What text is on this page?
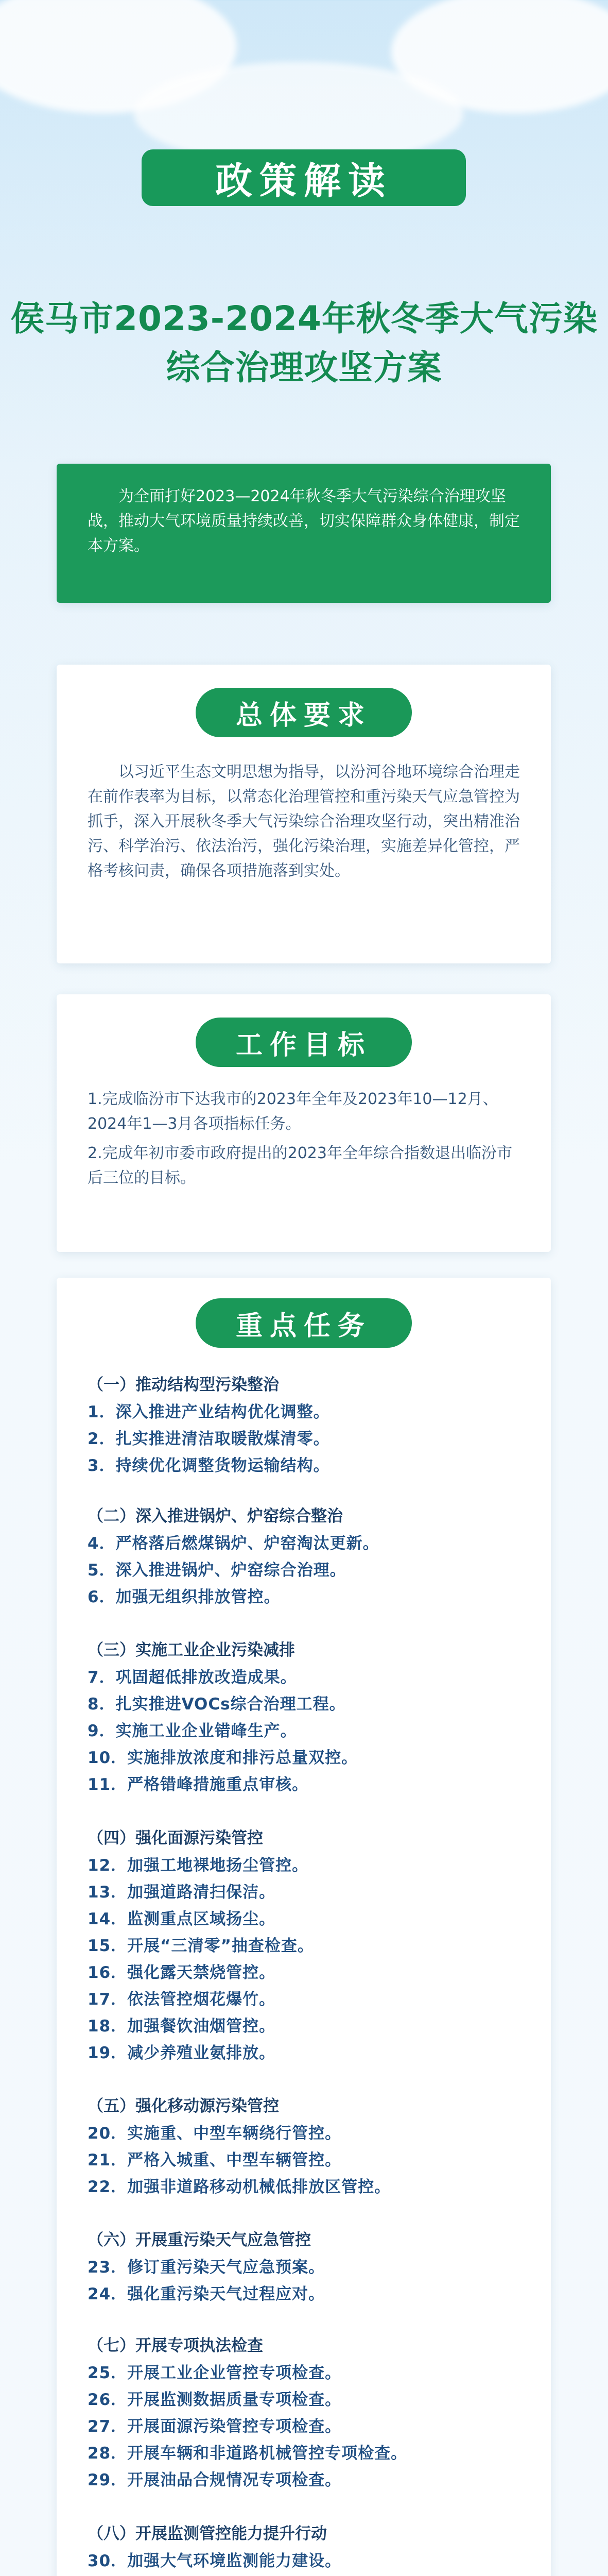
政策解读
侯马市2023-2024年秋冬季大气污染
综合治理攻坚方案

为全面打好2023—2024年秋冬季大气污染综合治理攻坚战，推动大气环境质量持续改善，切实保障群众身体健康，制定本方案。

总体要求

以习近平生态文明思想为指导，以汾河谷地环境综合治理走在前作表率为目标，以常态化治理管控和重污染天气应急管控为抓手，深入开展秋冬季大气污染综合治理攻坚行动，突出精准治污、科学治污、依法治污，强化污染治理，实施差异化管控，严格考核问责，确保各项措施落到实处。

工作目标

1.完成临汾市下达我市的2023年全年及2023年10—12月、2024年1—3月各项指标任务。

2.完成年初市委市政府提出的2023年全年综合指数退出临汾市后三位的目标。

重点任务
（一）推动结构型污染整治
1．深入推进产业结构优化调整。
2．扎实推进清洁取暖散煤清零。
3．持续优化调整货物运输结构。
（二）深入推进锅炉、炉窑综合整治
4．严格落后燃煤锅炉、炉窑淘汰更新。
5．深入推进锅炉、炉窑综合治理。
6．加强无组织排放管控。
（三）实施工业企业污染减排
7．巩固超低排放改造成果。
8．扎实推进VOCs综合治理工程。
9．实施工业企业错峰生产。
10．实施排放浓度和排污总量双控。
11．严格错峰措施重点审核。
（四）强化面源污染管控
12．加强工地裸地扬尘管控。
13．加强道路清扫保洁。
14．监测重点区域扬尘。
15．开展“三清零”抽查检查。
16．强化露天禁烧管控。
17．依法管控烟花爆竹。
18．加强餐饮油烟管控。
19．减少养殖业氨排放。
（五）强化移动源污染管控
20．实施重、中型车辆绕行管控。
21．严格入城重、中型车辆管控。
22．加强非道路移动机械低排放区管控。
（六）开展重污染天气应急管控
23．修订重污染天气应急预案。
24．强化重污染天气过程应对。
（七）开展专项执法检查
25．开展工业企业管控专项检查。
26．开展监测数据质量专项检查。
27．开展面源污染管控专项检查。
28．开展车辆和非道路机械管控专项检查。
29．开展油品合规情况专项检查。
（八）开展监测管控能力提升行动
30．加强大气环境监测能力建设。
